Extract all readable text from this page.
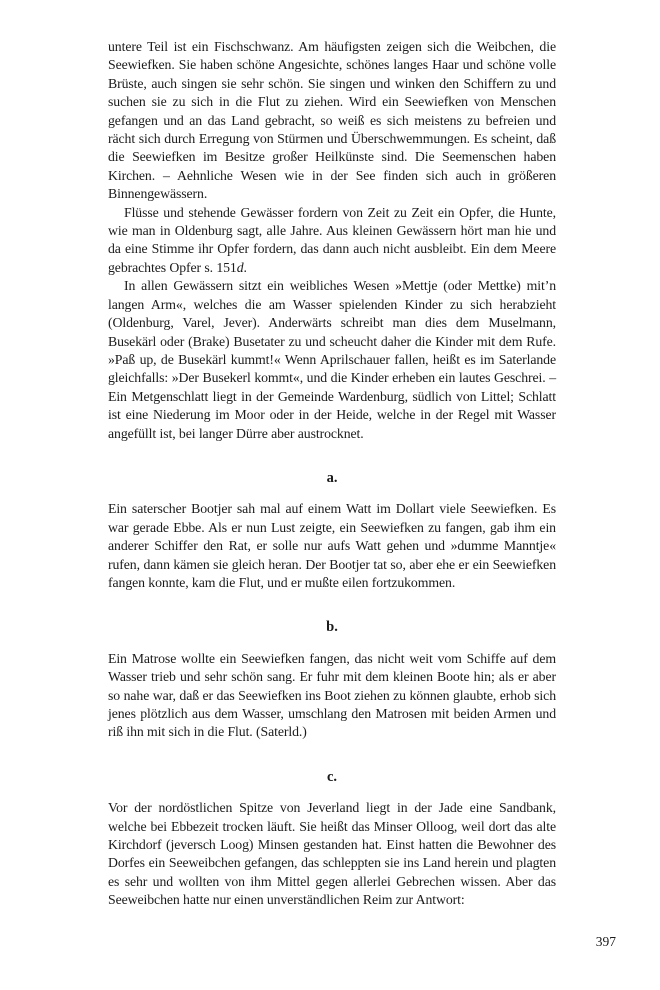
untere Teil ist ein Fischschwanz. Am häufigsten zeigen sich die Weibchen, die Seewiefken. Sie haben schöne Angesichte, schönes langes Haar und schöne volle Brüste, auch singen sie sehr schön. Sie singen und winken den Schiffern zu und suchen sie zu sich in die Flut zu ziehen. Wird ein Seewiefken von Menschen gefangen und an das Land gebracht, so weiß es sich meistens zu befreien und rächt sich durch Erregung von Stürmen und Überschwemmungen. Es scheint, daß die Seewiefken im Besitze großer Heilkünste sind. Die Seemenschen haben Kirchen. – Aehnliche Wesen wie in der See finden sich auch in größeren Binnengewässern.

Flüsse und stehende Gewässer fordern von Zeit zu Zeit ein Opfer, die Hunte, wie man in Oldenburg sagt, alle Jahre. Aus kleinen Gewässern hört man hie und da eine Stimme ihr Opfer fordern, das dann auch nicht ausbleibt. Ein dem Meere gebrachtes Opfer s. 151d.

In allen Gewässern sitzt ein weibliches Wesen »Mettje (oder Mettke) mit’n langen Arm«, welches die am Wasser spielenden Kinder zu sich herabzieht (Oldenburg, Varel, Jever). Anderwärts schreibt man dies dem Muselmann, Busekärl oder (Brake) Busetater zu und scheucht daher die Kinder mit dem Rufe. »Paß up, de Busekärl kummt!« Wenn Aprilschauer fallen, heißt es im Saterlande gleichfalls: »Der Busekerl kommt«, und die Kinder erheben ein lautes Geschrei. – Ein Metgenschlatt liegt in der Gemeinde Wardenburg, südlich von Littel; Schlatt ist eine Niederung im Moor oder in der Heide, welche in der Regel mit Wasser angefüllt ist, bei langer Dürre aber austrocknet.

a.

Ein saterscher Bootjer sah mal auf einem Watt im Dollart viele Seewiefken. Es war gerade Ebbe. Als er nun Lust zeigte, ein Seewiefken zu fangen, gab ihm ein anderer Schiffer den Rat, er solle nur aufs Watt gehen und »dumme Manntje« rufen, dann kämen sie gleich heran. Der Bootjer tat so, aber ehe er ein Seewiefken fangen konnte, kam die Flut, und er mußte eilen fortzukommen.

b.

Ein Matrose wollte ein Seewiefken fangen, das nicht weit vom Schiffe auf dem Wasser trieb und sehr schön sang. Er fuhr mit dem kleinen Boote hin; als er aber so nahe war, daß er das Seewiefken ins Boot ziehen zu können glaubte, erhob sich jenes plötzlich aus dem Wasser, umschlang den Matrosen mit beiden Armen und riß ihn mit sich in die Flut. (Saterld.)

c.

Vor der nordöstlichen Spitze von Jeverland liegt in der Jade eine Sandbank, welche bei Ebbezeit trocken läuft. Sie heißt das Minser Olloog, weil dort das alte Kirchdorf (jeversch Loog) Minsen gestanden hat. Einst hatten die Bewohner des Dorfes ein Seeweibchen gefangen, das schleppten sie ins Land herein und plagten es sehr und wollten von ihm Mittel gegen allerlei Gebrechen wissen. Aber das Seeweibchen hatte nur einen unverständlichen Reim zur Antwort:

397
